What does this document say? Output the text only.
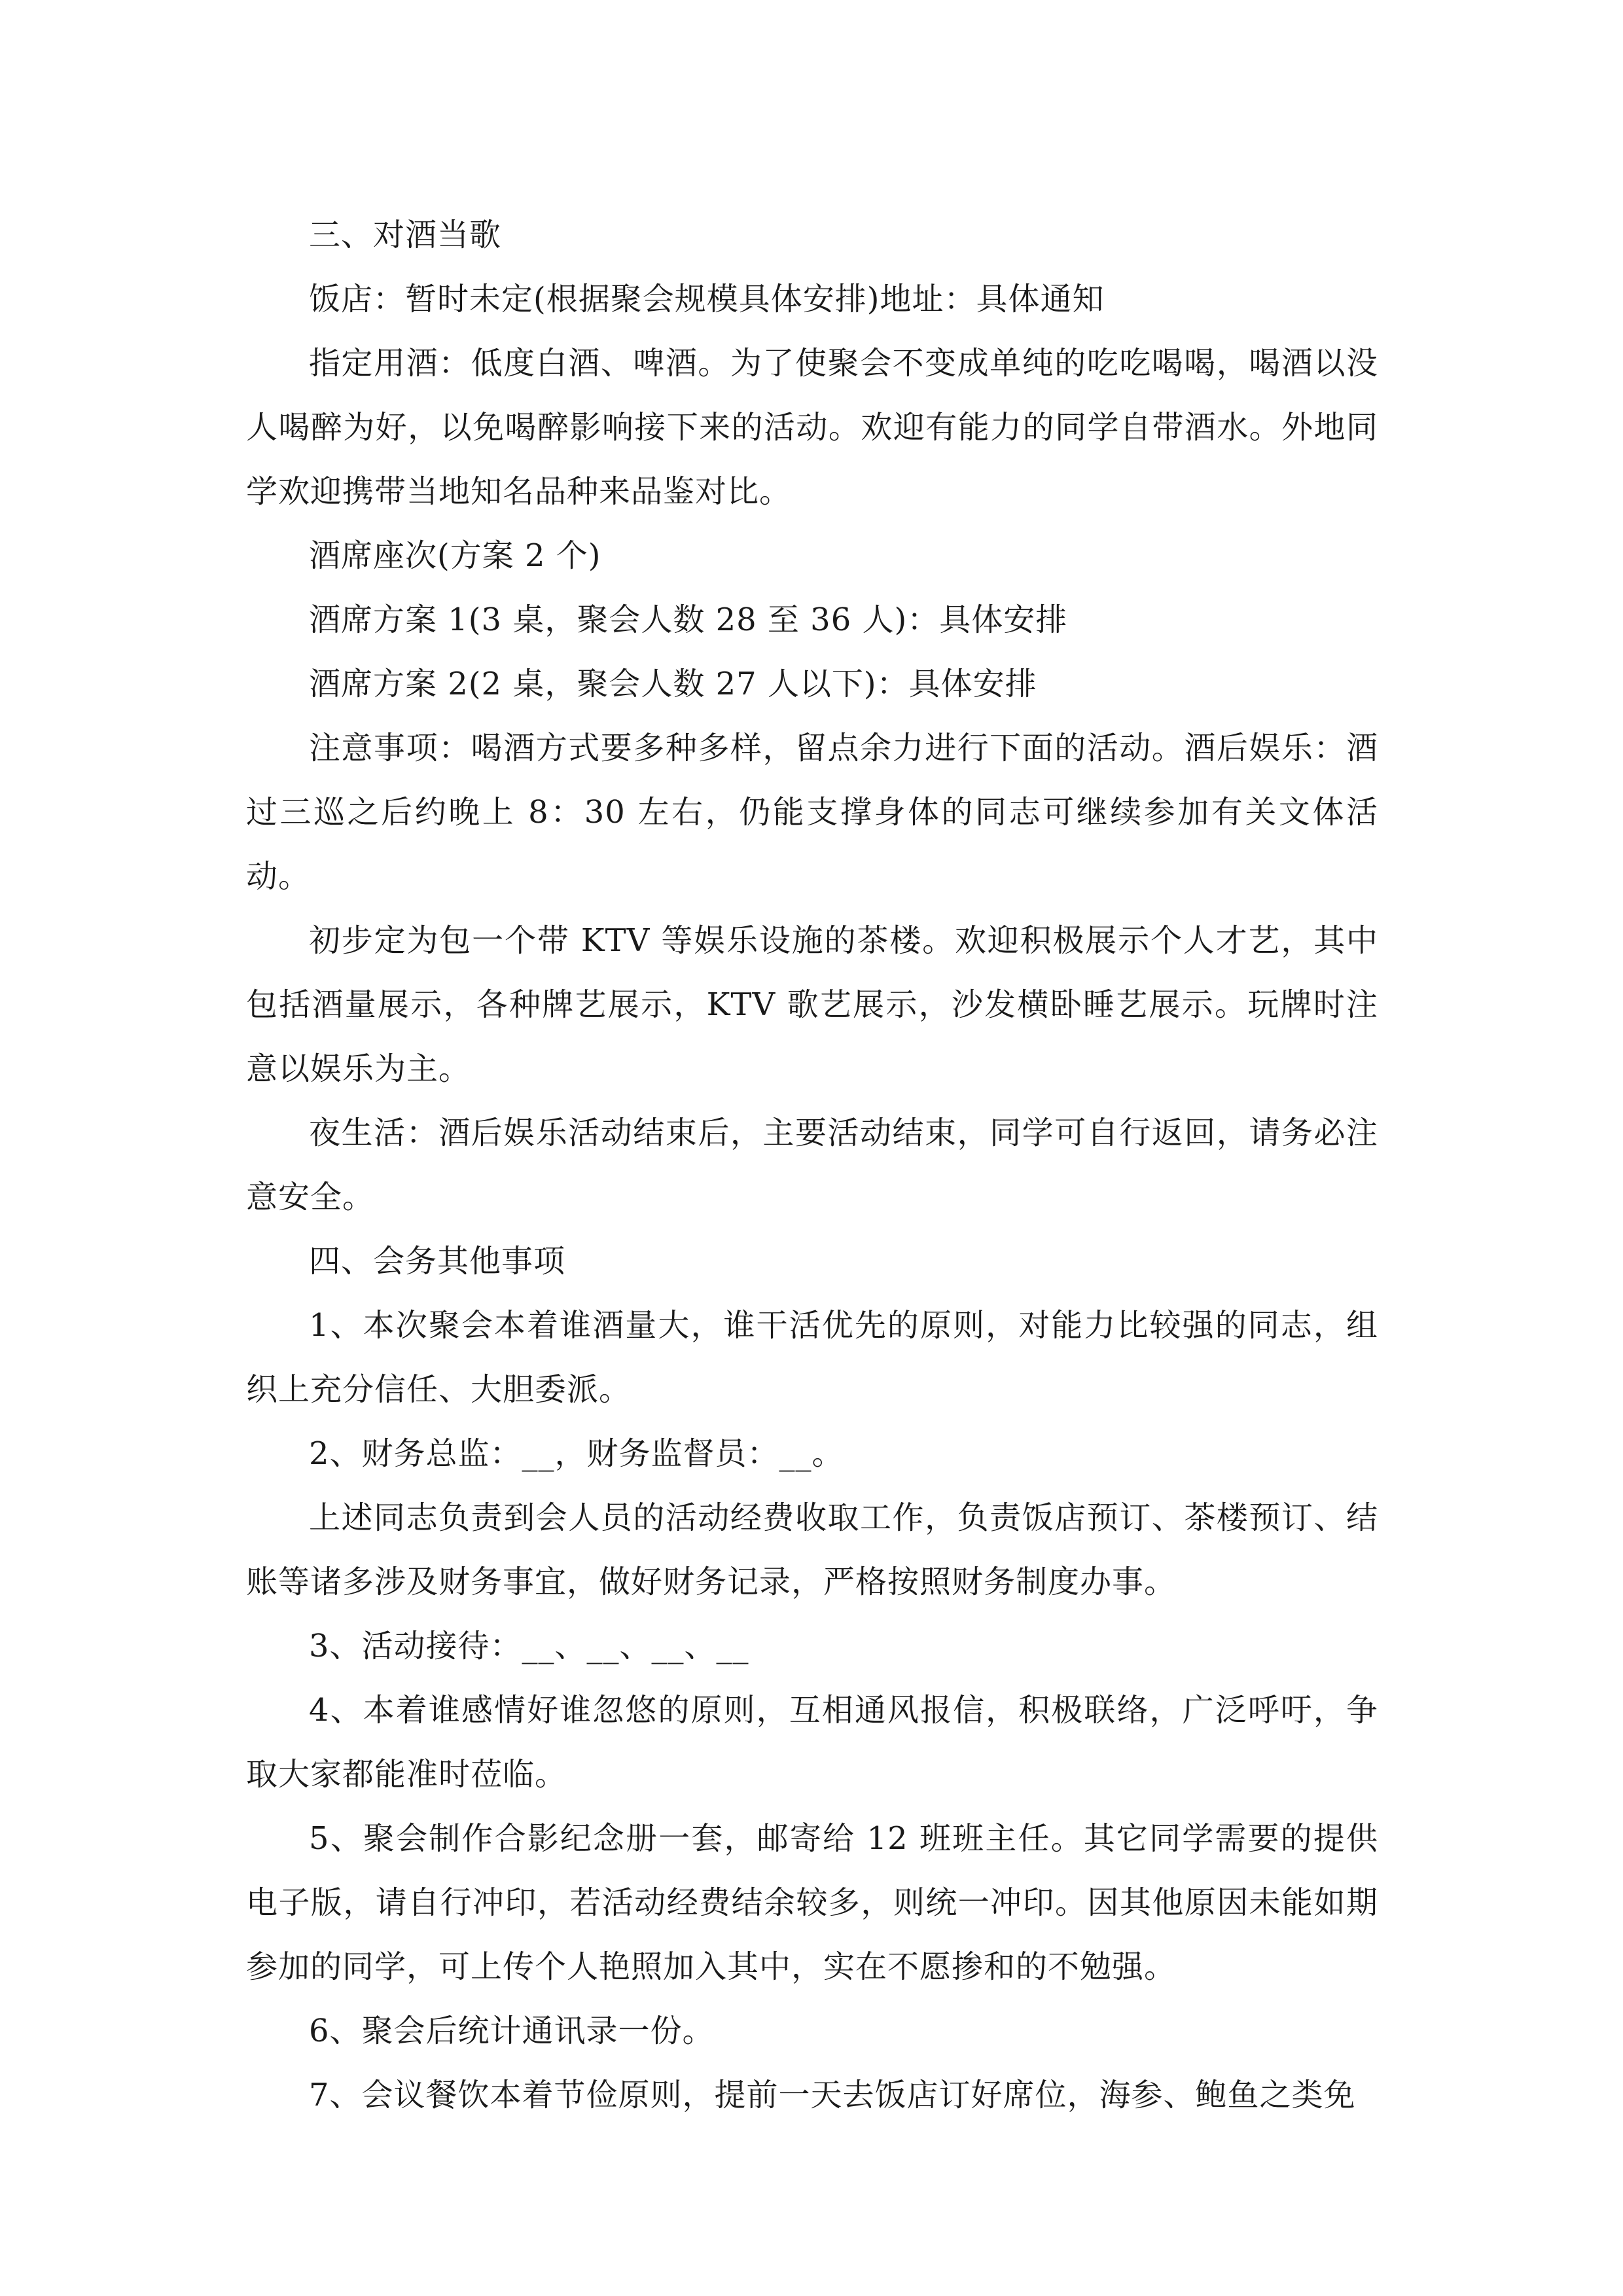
三、对酒当歌

饭店：暂时未定(根据聚会规模具体安排)地址：具体通知

指定用酒：低度白酒、啤酒。为了使聚会不变成单纯的吃吃喝喝，喝酒以没人喝醉为好，以免喝醉影响接下来的活动。欢迎有能力的同学自带酒水。外地同学欢迎携带当地知名品种来品鉴对比。

酒席座次(方案 2 个)

酒席方案 1(3 桌，聚会人数 28 至 36 人)：具体安排

酒席方案 2(2 桌，聚会人数 27 人以下)：具体安排

注意事项：喝酒方式要多种多样，留点余力进行下面的活动。酒后娱乐：酒过三巡之后约晚上 8：30 左右，仍能支撑身体的同志可继续参加有关文体活动。

初步定为包一个带 KTV 等娱乐设施的茶楼。欢迎积极展示个人才艺，其中包括酒量展示，各种牌艺展示，KTV 歌艺展示，沙发横卧睡艺展示。玩牌时注意以娱乐为主。

夜生活：酒后娱乐活动结束后，主要活动结束，同学可自行返回，请务必注意安全。

四、会务其他事项

1、本次聚会本着谁酒量大，谁干活优先的原则，对能力比较强的同志，组织上充分信任、大胆委派。

2、财务总监：__，财务监督员：__。

上述同志负责到会人员的活动经费收取工作，负责饭店预订、茶楼预订、结账等诸多涉及财务事宜，做好财务记录，严格按照财务制度办事。

3、活动接待：__、__、__、__

4、本着谁感情好谁忽悠的原则，互相通风报信，积极联络，广泛呼吁，争取大家都能准时莅临。

5、聚会制作合影纪念册一套，邮寄给 12 班班主任。其它同学需要的提供电子版，请自行冲印，若活动经费结余较多，则统一冲印。因其他原因未能如期参加的同学，可上传个人艳照加入其中，实在不愿掺和的不勉强。

6、聚会后统计通讯录一份。

7、会议餐饮本着节俭原则，提前一天去饭店订好席位，海参、鲍鱼之类免
